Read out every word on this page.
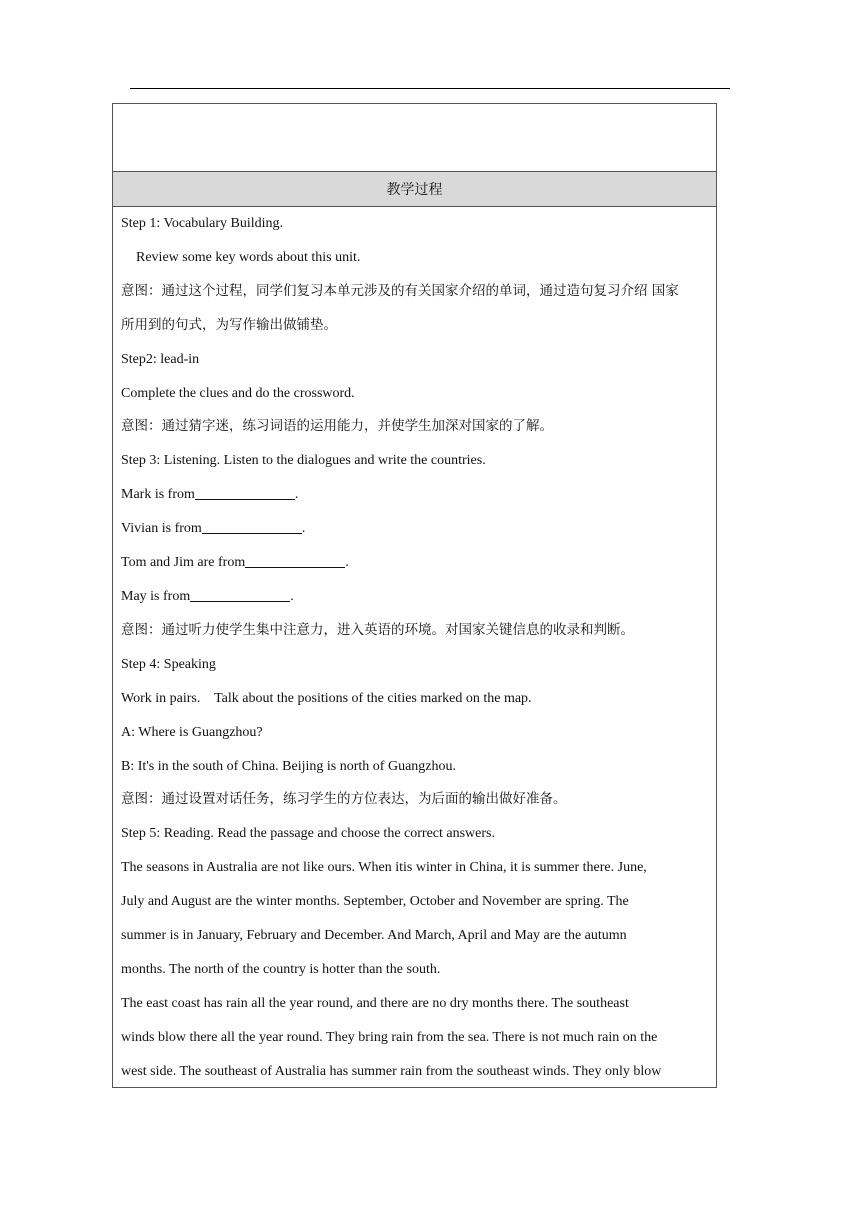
教学过程
Step 1: Vocabulary Building.
Review some key words about this unit.
意图：通过这个过程，同学们复习本单元涉及的有关国家介绍的单词，通过造句复习介绍 国家
所用到的句式，为写作输出做铺垫。
Step2: lead-in
Complete the clues and do the crossword.
意图：通过猜字迷，练习词语的运用能力，并使学生加深对国家的了解。
Step 3: Listening. Listen to the dialogues and write the countries.
Mark is from	.
Vivian is from	.
Tom and Jim are from	.
May is from	.
意图：通过听力使学生集中注意力，进入英语的环境。对国家关键信息的收录和判断。
Step 4: Speaking
Work in pairs.    Talk about the positions of the cities marked on the map.
A: Where is Guangzhou?
B: It's in the south of China. Beijing is north of Guangzhou.
意图：通过设置对话任务，练习学生的方位表达，为后面的输出做好准备。
Step 5: Reading. Read the passage and choose the correct answers.
The seasons in Australia are not like ours. When itis winter in China, it is summer there. June,
July and August are the winter months. September, October and November are spring. The
summer is in January, February and December. And March, April and May are the autumn
months. The north of the country is hotter than the south.
The east coast has rain all the year round, and there are no dry months there. The southeast
winds blow there all the year round. They bring rain from the sea. There is not much rain on the
west side. The southeast of Australia has summer rain from the southeast winds. They only blow
